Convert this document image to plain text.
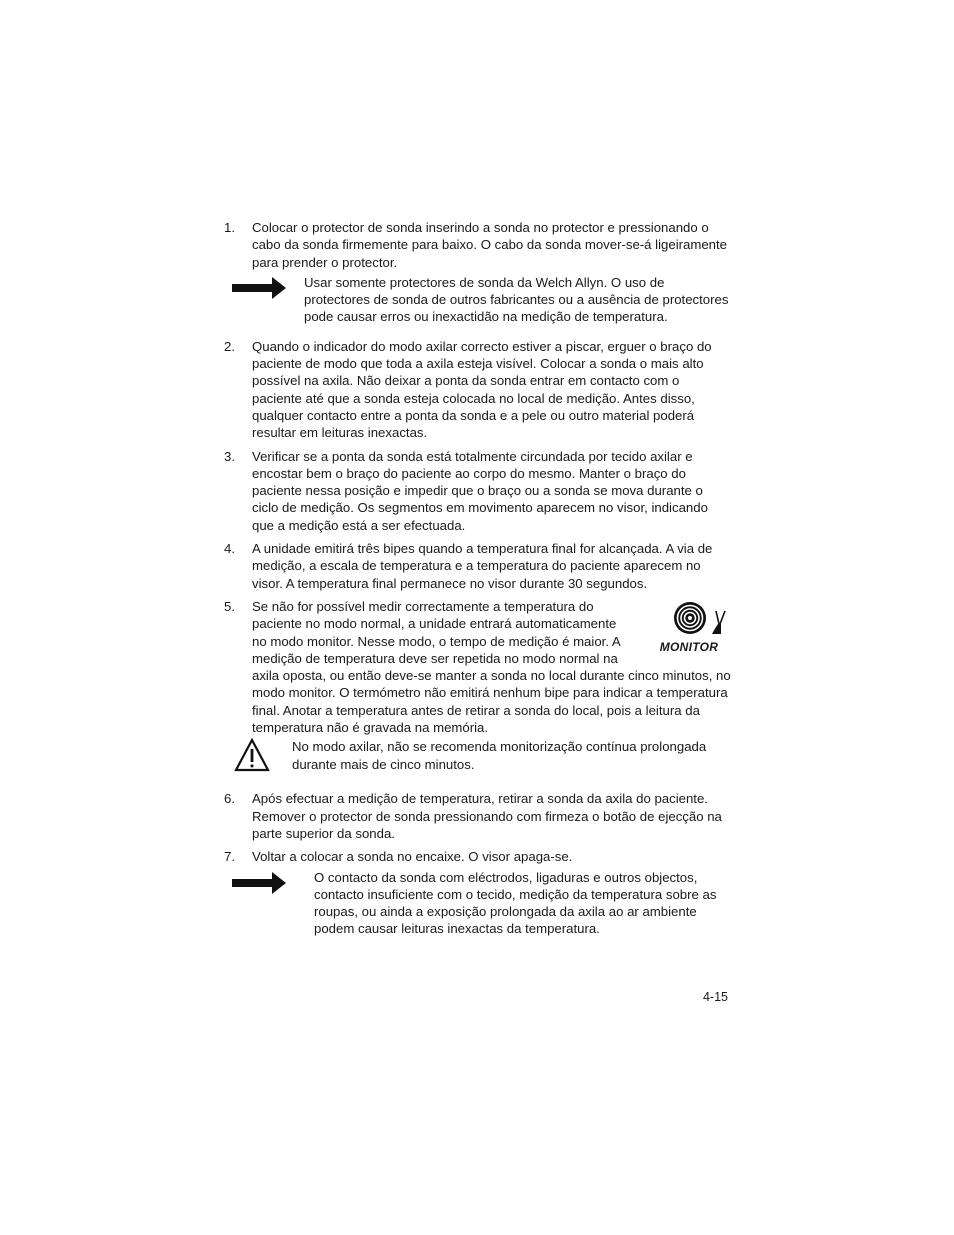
1. Colocar o protector de sonda inserindo a sonda no protector e pressionando o cabo da sonda firmemente para baixo. O cabo da sonda mover-se-á ligeiramente para prender o protector.
Usar somente protectores de sonda da Welch Allyn. O uso de protectores de sonda de outros fabricantes ou a ausência de protectores pode causar erros ou inexactidão na medição de temperatura.
2. Quando o indicador do modo axilar correcto estiver a piscar, erguer o braço do paciente de modo que toda a axila esteja visível. Colocar a sonda o mais alto possível na axila. Não deixar a ponta da sonda entrar em contacto com o paciente até que a sonda esteja colocada no local de medição. Antes disso, qualquer contacto entre a ponta da sonda e a pele ou outro material poderá resultar em leituras inexactas.
3. Verificar se a ponta da sonda está totalmente circundada por tecido axilar e encostar bem o braço do paciente ao corpo do mesmo. Manter o braço do paciente nessa posição e impedir que o braço ou a sonda se mova durante o ciclo de medição. Os segmentos em movimento aparecem no visor, indicando que a medição está a ser efectuada.
4. A unidade emitirá três bipes quando a temperatura final for alcançada. A via de medição, a escala de temperatura e a temperatura do paciente aparecem no visor. A temperatura final permanece no visor durante 30 segundos.
5.
MONITOR
Se não for possível medir correctamente a temperatura do paciente no modo normal, a unidade entrará automaticamente no modo monitor. Nesse modo, o tempo de medição é maior. A medição de temperatura deve ser repetida no modo normal na axila oposta, ou então deve-se manter a sonda no local durante cinco minutos, no modo monitor. O termómetro não emitirá nenhum bipe para indicar a temperatura final. Anotar a temperatura antes de retirar a sonda do local, pois a leitura da temperatura não é gravada na memória.
No modo axilar, não se recomenda monitorização contínua prolongada durante mais de cinco minutos.
6. Após efectuar a medição de temperatura, retirar a sonda da axila do paciente. Remover o protector de sonda pressionando com firmeza o botão de ejecção na parte superior da sonda.
7. Voltar a colocar a sonda no encaixe. O visor apaga-se.
O contacto da sonda com eléctrodos, ligaduras e outros objectos, contacto insuficiente com o tecido, medição da temperatura sobre as roupas, ou ainda a exposição prolongada da axila ao ar ambiente podem causar leituras inexactas da temperatura.
4-15
